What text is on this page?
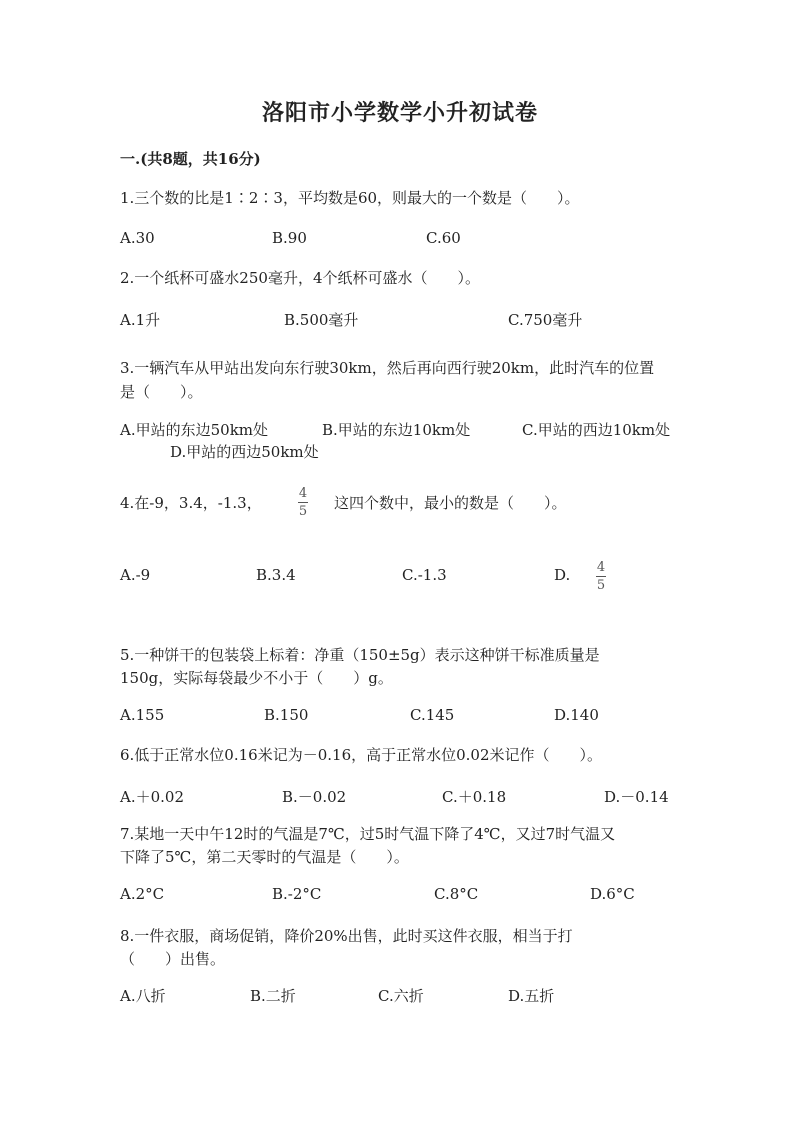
洛阳市小学数学小升初试卷
一.(共8题，共16分)
1.三个数的比是1∶2∶3，平均数是60，则最大的一个数是（　　）。
A.30	B.90	C.60
2.一个纸杯可盛水250毫升，4个纸杯可盛水（　　）。
A.1升	B.500毫升	C.750毫升
3.一辆汽车从甲站出发向东行驶30km，然后再向西行驶20km，此时汽车的位置
是（　　）。
A.甲站的东边50km处	B.甲站的东边10km处	C.甲站的西边10km处
D.甲站的西边50km处
4.在-9，3.4，-1.3，
4
5 这四个数中，最小的数是（　　）。
A.-9	B.3.4	C.-1.3	D. 4
5
5.一种饼干的包装袋上标着：净重（150±5g）表示这种饼干标准质量是
150g，实际每袋最少不小于（　　）g。
A.155	B.150	C.145	D.140
6.低于正常水位0.16米记为－0.16，高于正常水位0.02米记作（　　）。
A.＋0.02	B.－0.02	C.＋0.18	D.－0.14
7.某地一天中午12时的气温是7℃，过5时气温下降了4℃，又过7时气温又
下降了5℃，第二天零时的气温是（　　）。
A.2°C	B.-2°C	C.8°C	D.6°C
8.一件衣服，商场促销，降价20%出售，此时买这件衣服，相当于打
（　　）出售。
A.八折	B.二折	C.六折	D.五折
